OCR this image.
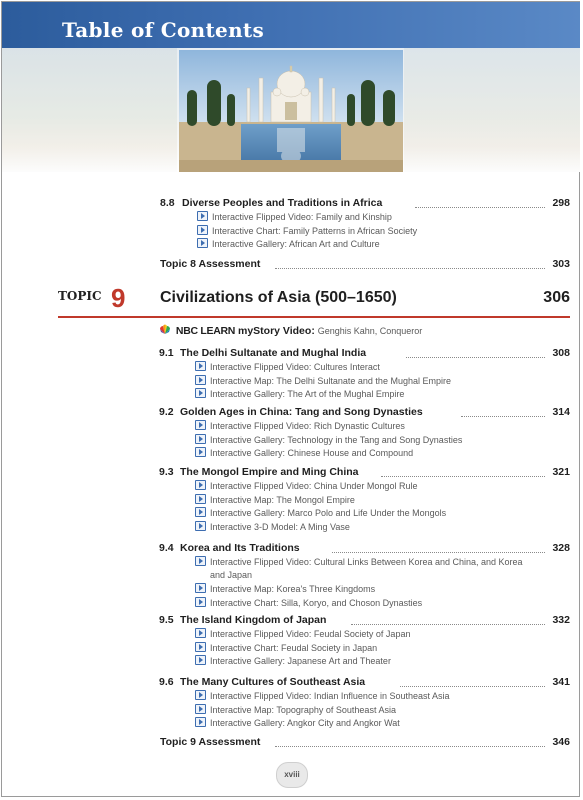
Table of Contents
8.8 Diverse Peoples and Traditions in Africa	298
Interactive Flipped Video: Family and Kinship
Interactive Chart: Family Patterns in African Society
Interactive Gallery: African Art and Culture
Topic 8 Assessment	303
TOPIC 9 Civilizations of Asia (500–1650)	306
NBC LEARN myStory Video: Genghis Kahn, Conqueror
9.1 The Delhi Sultanate and Mughal India	308
Interactive Flipped Video: Cultures Interact
Interactive Map: The Delhi Sultanate and the Mughal Empire
Interactive Gallery: The Art of the Mughal Empire
9.2 Golden Ages in China: Tang and Song Dynasties	314
Interactive Flipped Video: Rich Dynastic Cultures
Interactive Gallery: Technology in the Tang and Song Dynasties
Interactive Gallery: Chinese House and Compound
9.3 The Mongol Empire and Ming China	321
Interactive Flipped Video: China Under Mongol Rule
Interactive Map: The Mongol Empire
Interactive Gallery: Marco Polo and Life Under the Mongols
Interactive 3-D Model: A Ming Vase
9.4 Korea and Its Traditions	328
Interactive Flipped Video: Cultural Links Between Korea and China, and Korea
and Japan
Interactive Map: Korea's Three Kingdoms
Interactive Chart: Silla, Koryo, and Choson Dynasties
9.5 The Island Kingdom of Japan	332
Interactive Flipped Video: Feudal Society of Japan
Interactive Chart: Feudal Society in Japan
Interactive Gallery: Japanese Art and Theater
9.6 The Many Cultures of Southeast Asia	341
Interactive Flipped Video: Indian Influence in Southeast Asia
Interactive Map: Topography of Southeast Asia
Interactive Gallery: Angkor City and Angkor Wat
Topic 9 Assessment	346
xviii
